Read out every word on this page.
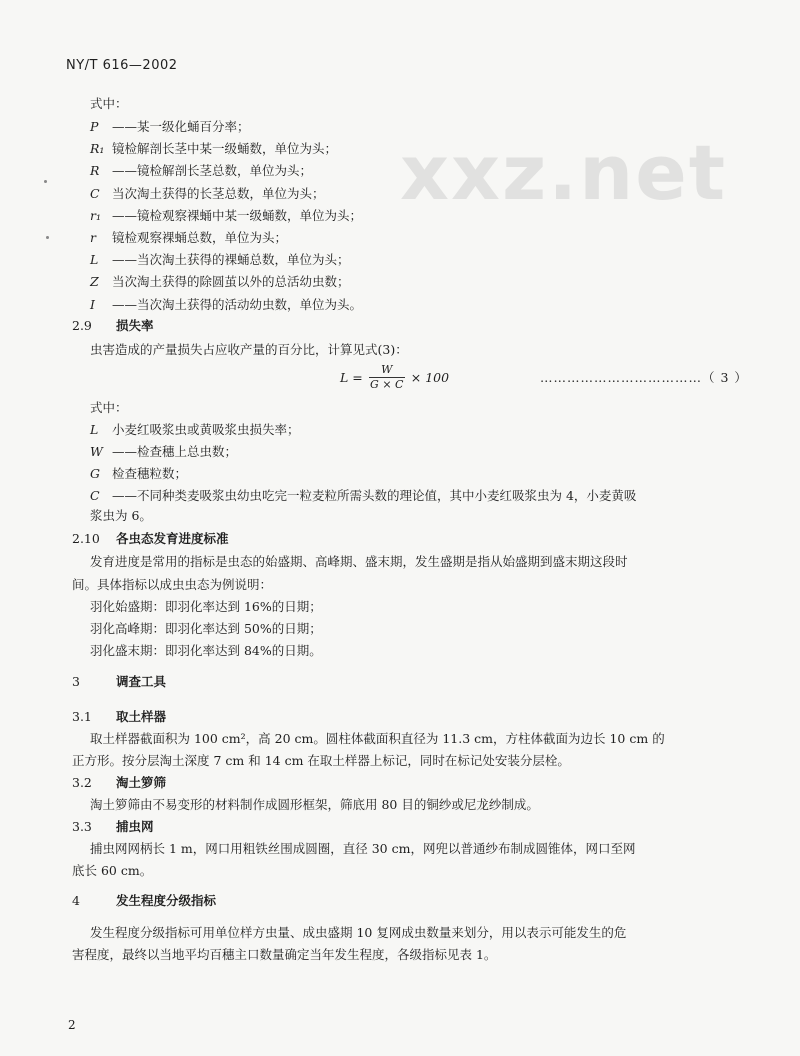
NY/T 616—2002
xxz.net
式中：
P ——某一级化蛹百分率；
R₁ 镜检解剖长茎中某一级蛹数，单位为头；
R ——镜检解剖长茎总数，单位为头；
C 当次淘土获得的长茎总数，单位为头；
r₁ ——镜检观察裸蛹中某一级蛹数，单位为头；
r 镜检观察裸蛹总数，单位为头；
L ——当次淘土获得的裸蛹总数，单位为头；
Z 当次淘土获得的除圆茧以外的总活幼虫数；
I ——当次淘土获得的活动幼虫数，单位为头。
2.9 损失率
虫害造成的产量损失占应收产量的百分比，计算见式(3)：
$L = \frac{W}{G \times C} \times 100$	………………………………（ 3 ）
式中：
L 小麦红吸浆虫或黄吸浆虫损失率；
W ——检查穗上总虫数；
G 检查穗粒数；
C ——不同种类麦吸浆虫幼虫吃完一粒麦粒所需头数的理论值，其中小麦红吸浆虫为 4，小麦黄吸
浆虫为 6。
2.10 各虫态发育进度标准
发育进度是常用的指标是虫态的始盛期、高峰期、盛末期，发生盛期是指从始盛期到盛末期这段时
间。具体指标以成虫虫态为例说明：
羽化始盛期：即羽化率达到 16%的日期；
羽化高峰期：即羽化率达到 50%的日期；
羽化盛末期：即羽化率达到 84%的日期。
3	调查工具
3.1 取土样器
取土样器截面积为 100 cm²，高 20 cm。圆柱体截面积直径为 11.3 cm，方柱体截面为边长 10 cm 的
正方形。按分层淘土深度 7 cm 和 14 cm 在取土样器上标记，同时在标记处安装分层栓。
3.2 淘土箩筛
淘土箩筛由不易变形的材料制作成圆形框架，筛底用 80 目的铜纱或尼龙纱制成。
3.3 捕虫网
捕虫网网柄长 1 m，网口用粗铁丝围成圆圈，直径 30 cm，网兜以普通纱布制成圆锥体，网口至网
底长 60 cm。
4	发生程度分级指标
发生程度分级指标可用单位样方虫量、成虫盛期 10 复网成虫数量来划分，用以表示可能发生的危
害程度，最终以当地平均百穗主口数量确定当年发生程度，各级指标见表 1。
2
